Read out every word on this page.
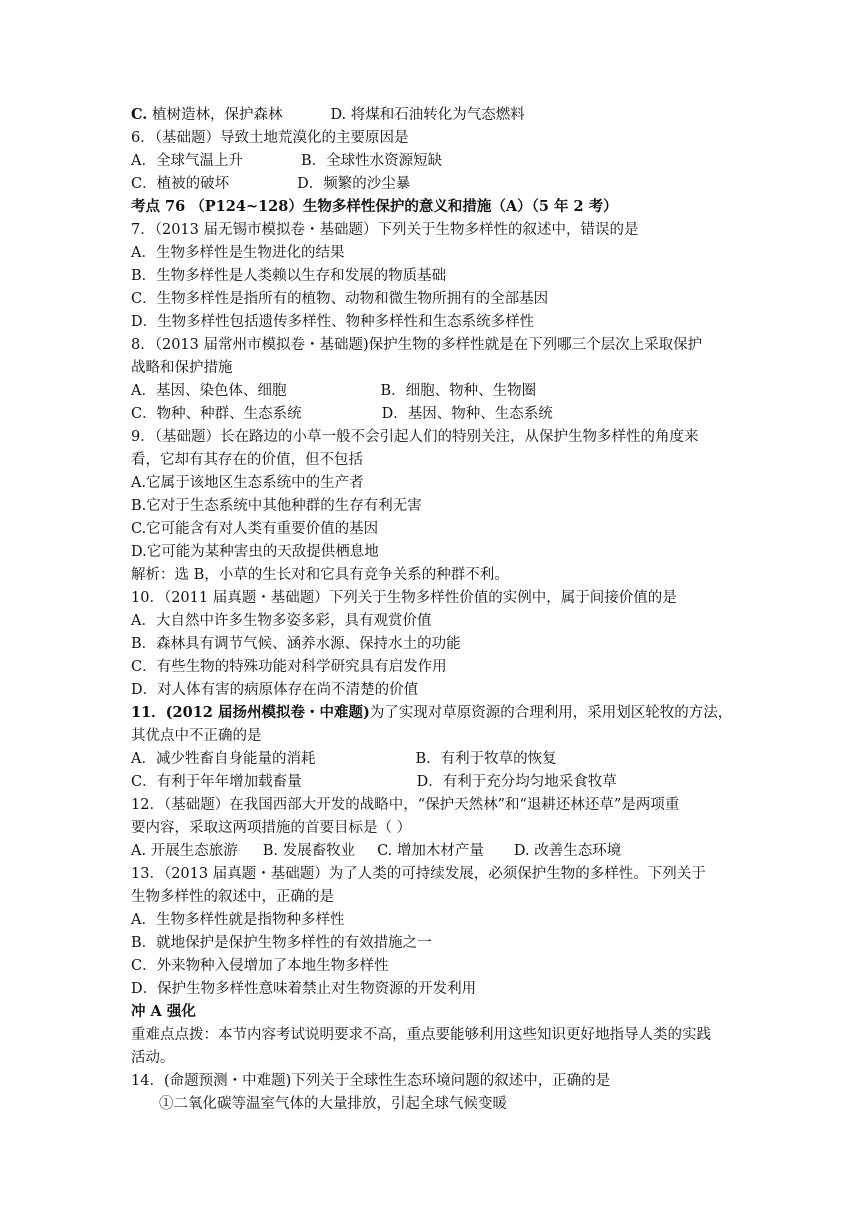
C. 植树造林，保护森林	D. 将煤和石油转化为气态燃料
6．（基础题）导致土地荒漠化的主要原因是
A．全球气温上升	B．全球性水资源短缺
C．植被的破坏	D．频繁的沙尘暴
考点 76 （P124~128）生物多样性保护的意义和措施（A）（5 年 2 考）
7．（2013 届无锡市模拟卷・基础题）下列关于生物多样性的叙述中，错误的是
A．生物多样性是生物进化的结果
B．生物多样性是人类赖以生存和发展的物质基础
C．生物多样性是指所有的植物、动物和微生物所拥有的全部基因
D．生物多样性包括遗传多样性、物种多样性和生态系统多样性
8．（2013 届常州市模拟卷・基础题)保护生物的多样性就是在下列哪三个层次上采取保护
战略和保护措施
A．基因、染色体、细胞	B．细胞、物种、生物圈
C．物种、种群、生态系统	D．基因、物种、生态系统
9．（基础题）长在路边的小草一般不会引起人们的特别关注，从保护生物多样性的角度来
看，它却有其存在的价值，但不包括
A.它属于该地区生态系统中的生产者
B.它对于生态系统中其他种群的生存有利无害
C.它可能含有对人类有重要价值的基因
D.它可能为某种害虫的天敌提供栖息地
解析：选 B，小草的生长对和它具有竞争关系的种群不利。
10．（2011 届真题・基础题）下列关于生物多样性价值的实例中，属于间接价值的是
A．大自然中许多生物多姿多彩，具有观赏价值
B．森林具有调节气候、涵养水源、保持水土的功能
C．有些生物的特殊功能对科学研究具有启发作用
D．对人体有害的病原体存在尚不清楚的价值
11．(2012 届扬州模拟卷・中难题)为了实现对草原资源的合理利用，采用划区轮牧的方法，
其优点中不正确的是
A．减少牲畜自身能量的消耗	B．有利于牧草的恢复
C．有利于年年增加载畜量	D．有利于充分均匀地采食牧草
12．（基础题）在我国西部大开发的战略中，“保护天然林”和“退耕还林还草”是两项重
要内容，采取这两项措施的首要目标是（ ）
A. 开展生态旅游 B. 发展畜牧业 C. 增加木材产量 D. 改善生态环境
13．（2013 届真题・基础题）为了人类的可持续发展，必须保护生物的多样性。下列关于
生物多样性的叙述中，正确的是
A．生物多样性就是指物种多样性
B．就地保护是保护生物多样性的有效措施之一
C．外来物种入侵增加了本地生物多样性
D．保护生物多样性意味着禁止对生物资源的开发利用
冲 A 强化
重难点点拨：本节内容考试说明要求不高，重点要能够利用这些知识更好地指导人类的实践
活动。
14．(命题预测・中难题)下列关于全球性生态环境问题的叙述中，正确的是
①二氧化碳等温室气体的大量排放，引起全球气候变暖
